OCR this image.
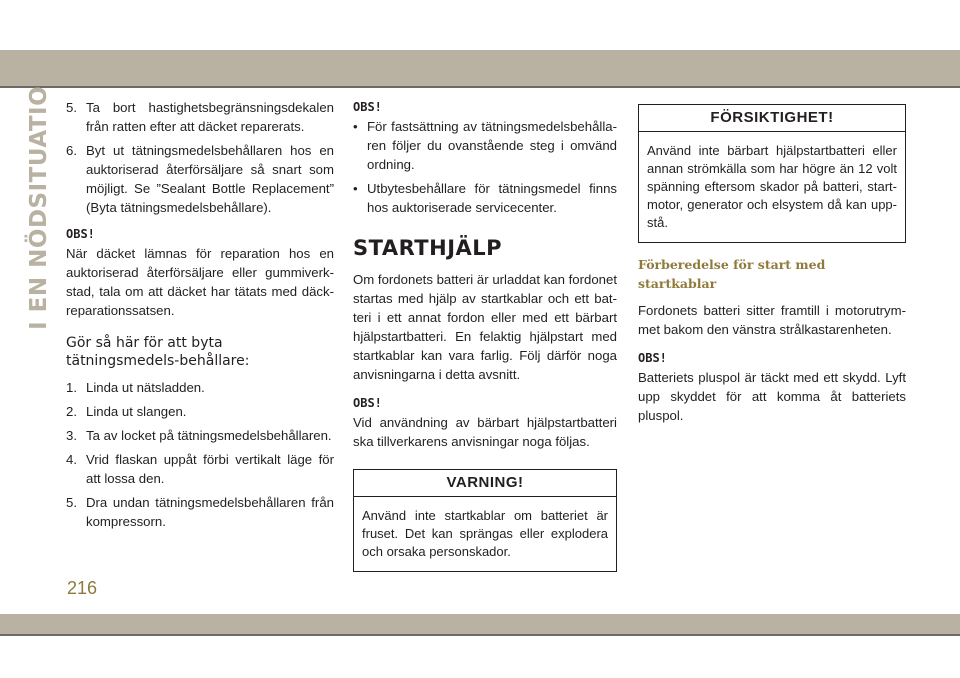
I EN NÖDSITUATION 5. Ta bort hastighetsbegränsningsdekalen från ratten efter att däcket reparerats.
6. Byt ut tätningsmedelsbehållaren hos en auktoriserad återförsäljare så snart som möjligt. Se ”Sealant Bottle Replacement” (Byta tätningsmedelsbehållare).
OBS!

När däcket lämnas för reparation hos en auktoriserad återförsäljare eller gummiverk-stad, tala om att däcket har tätats med däck-reparationssatsen.

Gör så här för att byta tätningsmedels-behållare:
1. Linda ut nätsladden.
2. Linda ut slangen.
3. Ta av locket på tätningsmedelsbehållaren.
4. Vrid flaskan uppåt förbi vertikalt läge för att lossa den.
5. Dra undan tätningsmedelsbehållaren från kompressorn.
OBS!
• För fastsättning av tätningsmedelsbehålla-ren följer du ovanstående steg i omvänd ordning.
• Utbytesbehållare för tätningsmedel finns hos auktoriserade servicecenter.
STARTHJÄLP

Om fordonets batteri är urladdat kan fordonet startas med hjälp av startkablar och ett bat-teri i ett annat fordon eller med ett bärbart hjälpstartbatteri. En felaktig hjälpstart med startkablar kan vara farlig. Följ därför noga anvisningarna i detta avsnitt.

OBS!

Vid användning av bärbart hjälpstartbatteri ska tillverkarens anvisningar noga följas.

VARNING!
Använd inte startkablar om batteriet är fruset. Det kan sprängas eller explodera och orsaka personskador.
FÖRSIKTIGHET!
Använd inte bärbart hjälpstartbatteri eller annan strömkälla som har högre än 12 volt spänning eftersom skador på batteri, start-motor, generator och elsystem då kan upp-stå.
Förberedelse för start med startkablar

Fordonets batteri sitter framtill i motorutrym-met bakom den vänstra strålkastarenheten.

OBS!

Batteriets pluspol är täckt med ett skydd. Lyft upp skyddet för att komma åt batteriets pluspol.

216
